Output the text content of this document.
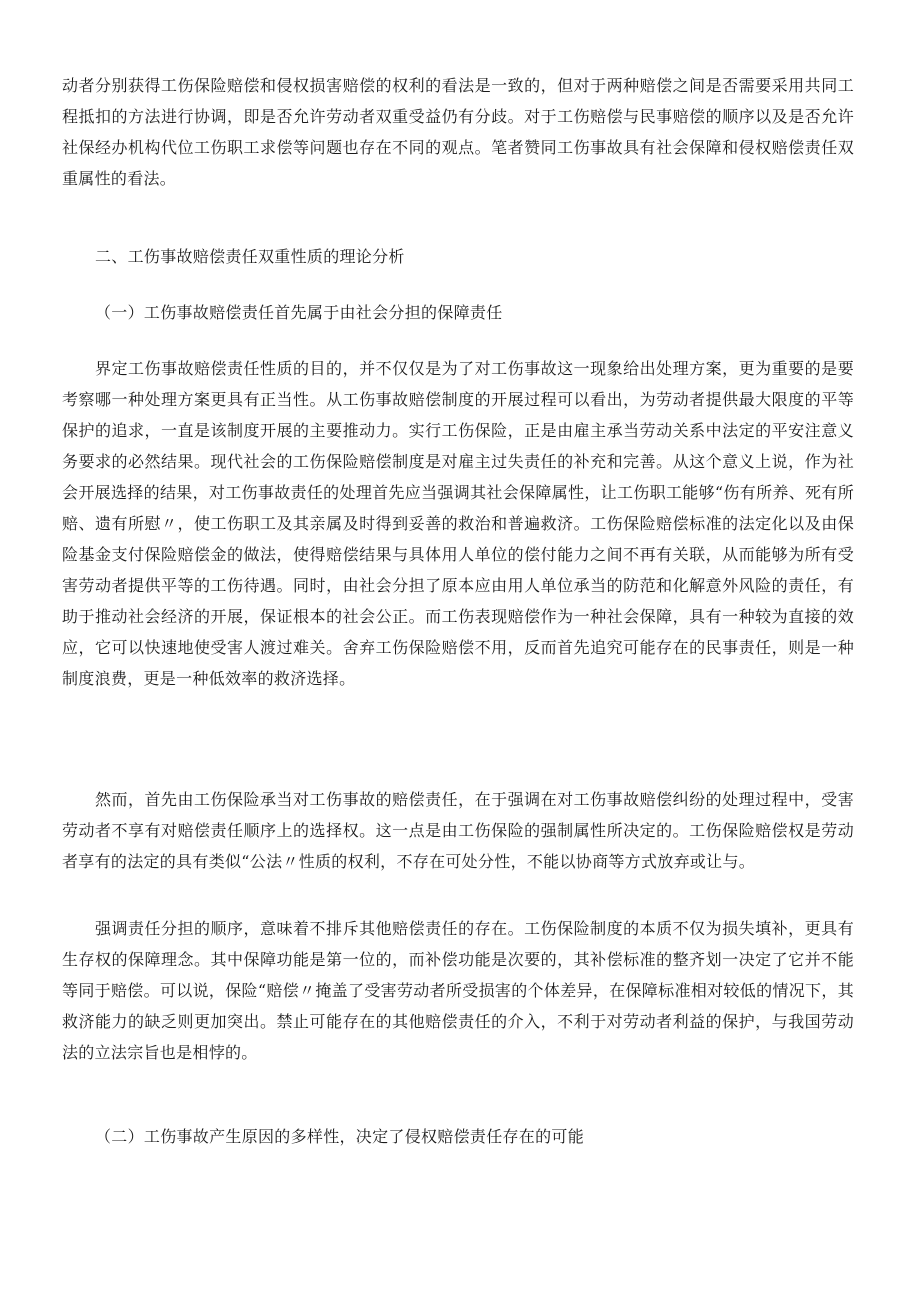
动者分别获得工伤保险赔偿和侵权损害赔偿的权利的看法是一致的，但对于两种赔偿之间是否需要采用共同工程抵扣的方法进行协调，即是否允许劳动者双重受益仍有分歧。对于工伤赔偿与民事赔偿的顺序以及是否允许社保经办机构代位工伤职工求偿等问题也存在不同的观点。笔者赞同工伤事故具有社会保障和侵权赔偿责任双重属性的看法。

二、工伤事故赔偿责任双重性质的理论分析

（一）工伤事故赔偿责任首先属于由社会分担的保障责任

界定工伤事故赔偿责任性质的目的，并不仅仅是为了对工伤事故这一现象给出处理方案，更为重要的是要考察哪一种处理方案更具有正当性。从工伤事故赔偿制度的开展过程可以看出，为劳动者提供最大限度的平等保护的追求，一直是该制度开展的主要推动力。实行工伤保险，正是由雇主承当劳动关系中法定的平安注意义务要求的必然结果。现代社会的工伤保险赔偿制度是对雇主过失责任的补充和完善。从这个意义上说，作为社会开展选择的结果，对工伤事故责任的处理首先应当强调其社会保障属性，让工伤职工能够“伤有所养、死有所赔、遗有所慰〃，使工伤职工及其亲属及时得到妥善的救治和普遍救济。工伤保险赔偿标准的法定化以及由保险基金支付保险赔偿金的做法，使得赔偿结果与具体用人单位的偿付能力之间不再有关联，从而能够为所有受害劳动者提供平等的工伤待遇。同时，由社会分担了原本应由用人单位承当的防范和化解意外风险的责任，有助于推动社会经济的开展，保证根本的社会公正。而工伤表现赔偿作为一种社会保障，具有一种较为直接的效应，它可以快速地使受害人渡过难关。舍弃工伤保险赔偿不用，反而首先追究可能存在的民事责任，则是一种制度浪费，更是一种低效率的救济选择。

然而，首先由工伤保险承当对工伤事故的赔偿责任，在于强调在对工伤事故赔偿纠纷的处理过程中，受害劳动者不享有对赔偿责任顺序上的选择权。这一点是由工伤保险的强制属性所决定的。工伤保险赔偿权是劳动者享有的法定的具有类似“公法〃性质的权利，不存在可处分性，不能以协商等方式放弃或让与。

强调责任分担的顺序，意味着不排斥其他赔偿责任的存在。工伤保险制度的本质不仅为损失填补，更具有生存权的保障理念。其中保障功能是第一位的，而补偿功能是次要的，其补偿标准的整齐划一决定了它并不能等同于赔偿。可以说，保险“赔偿〃掩盖了受害劳动者所受损害的个体差异，在保障标准相对较低的情况下，其救济能力的缺乏则更加突出。禁止可能存在的其他赔偿责任的介入，不利于对劳动者利益的保护，与我国劳动法的立法宗旨也是相悖的。

（二）工伤事故产生原因的多样性，决定了侵权赔偿责任存在的可能
